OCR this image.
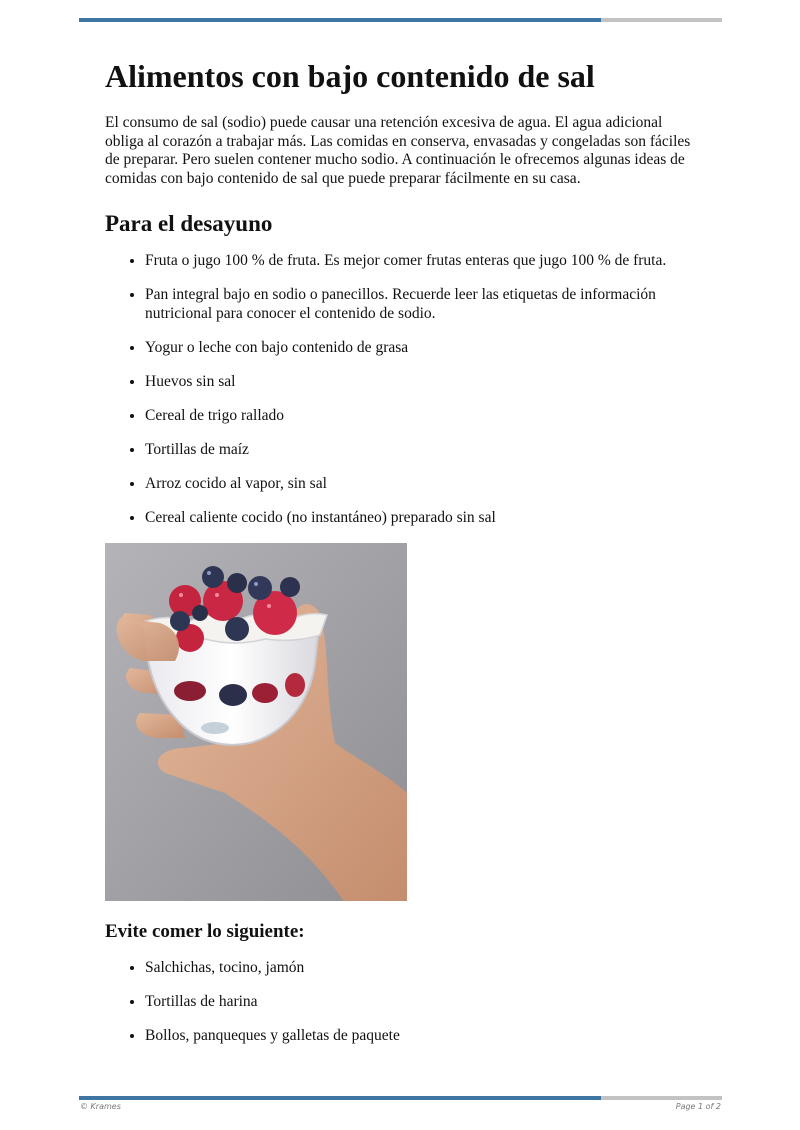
Alimentos con bajo contenido de sal

El consumo de sal (sodio) puede causar una retención excesiva de agua. El agua adicional obliga al corazón a trabajar más. Las comidas en conserva, envasadas y congeladas son fáciles de preparar. Pero suelen contener mucho sodio. A continuación le ofrecemos algunas ideas de comidas con bajo contenido de sal que puede preparar fácilmente en su casa.

Para el desayuno
• Fruta o jugo 100 % de fruta. Es mejor comer frutas enteras que jugo 100 % de fruta.
• Pan integral bajo en sodio o panecillos. Recuerde leer las etiquetas de información nutricional para conocer el contenido de sodio.
• Yogur o leche con bajo contenido de grasa
• Huevos sin sal
• Cereal de trigo rallado
• Tortillas de maíz
• Arroz cocido al vapor, sin sal
• Cereal caliente cocido (no instantáneo) preparado sin sal
Evite comer lo siguiente:
• Salchichas, tocino, jamón
• Tortillas de harina
• Bollos, panqueques y galletas de paquete
© Krames	Page 1 of 2
